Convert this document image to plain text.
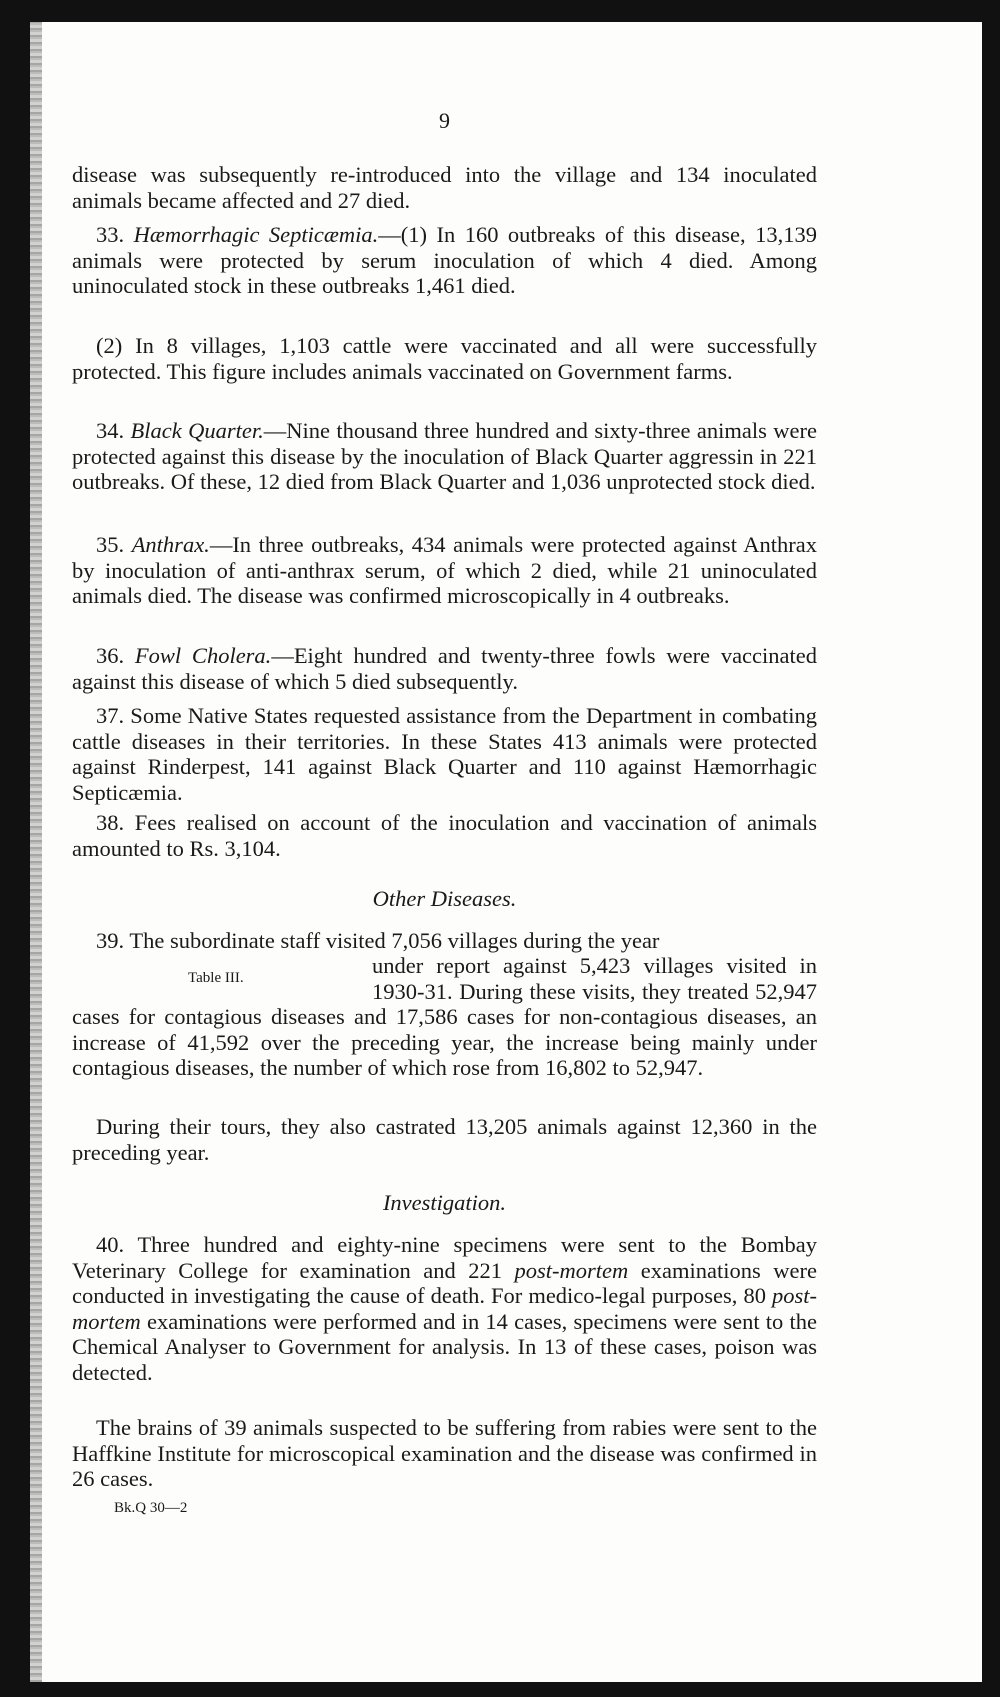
9

disease was subsequently re-introduced into the village and 134 inoculated animals became affected and 27 died.

33. Hæmorrhagic Septicæmia.—(1) In 160 outbreaks of this disease, 13,139 animals were protected by serum inoculation of which 4 died. Among uninoculated stock in these outbreaks 1,461 died.

(2) In 8 villages, 1,103 cattle were vaccinated and all were successfully protected. This figure includes animals vaccinated on Government farms.

34. Black Quarter.—Nine thousand three hundred and sixty-three animals were protected against this disease by the inoculation of Black Quarter aggressin in 221 outbreaks. Of these, 12 died from Black Quarter and 1,036 unprotected stock died.

35. Anthrax.—In three outbreaks, 434 animals were protected against Anthrax by inoculation of anti-anthrax serum, of which 2 died, while 21 uninoculated animals died. The disease was confirmed microscopically in 4 outbreaks.

36. Fowl Cholera.—Eight hundred and twenty-three fowls were vaccinated against this disease of which 5 died subsequently.

37. Some Native States requested assistance from the Department in combating cattle diseases in their territories. In these States 413 animals were protected against Rinderpest, 141 against Black Quarter and 110 against Hæmorrhagic Septicæmia.

38. Fees realised on account of the inoculation and vaccination of animals amounted to Rs. 3,104.

Other Diseases.

39. The subordinate staff visited 7,056 villages during the year

under report against 5,423 villages visited in 1930-31. During these visits, they treated 52,947 cases for contagious diseases and 17,586 cases for non-contagious diseases, an increase of 41,592 over the preceding year, the increase being mainly under contagious diseases, the number of which rose from 16,802 to 52,947.

During their tours, they also castrated 13,205 animals against 12,360 in the preceding year.

Investigation.

40. Three hundred and eighty-nine specimens were sent to the Bombay Veterinary College for examination and 221 post-mortem examinations were conducted in investigating the cause of death. For medico-legal purposes, 80 post-mortem examinations were performed and in 14 cases, specimens were sent to the Chemical Analyser to Government for analysis. In 13 of these cases, poison was detected.

The brains of 39 animals suspected to be suffering from rabies were sent to the Haffkine Institute for microscopical examination and the disease was confirmed in 26 cases.

Table III.
Bk.Q 30—2
